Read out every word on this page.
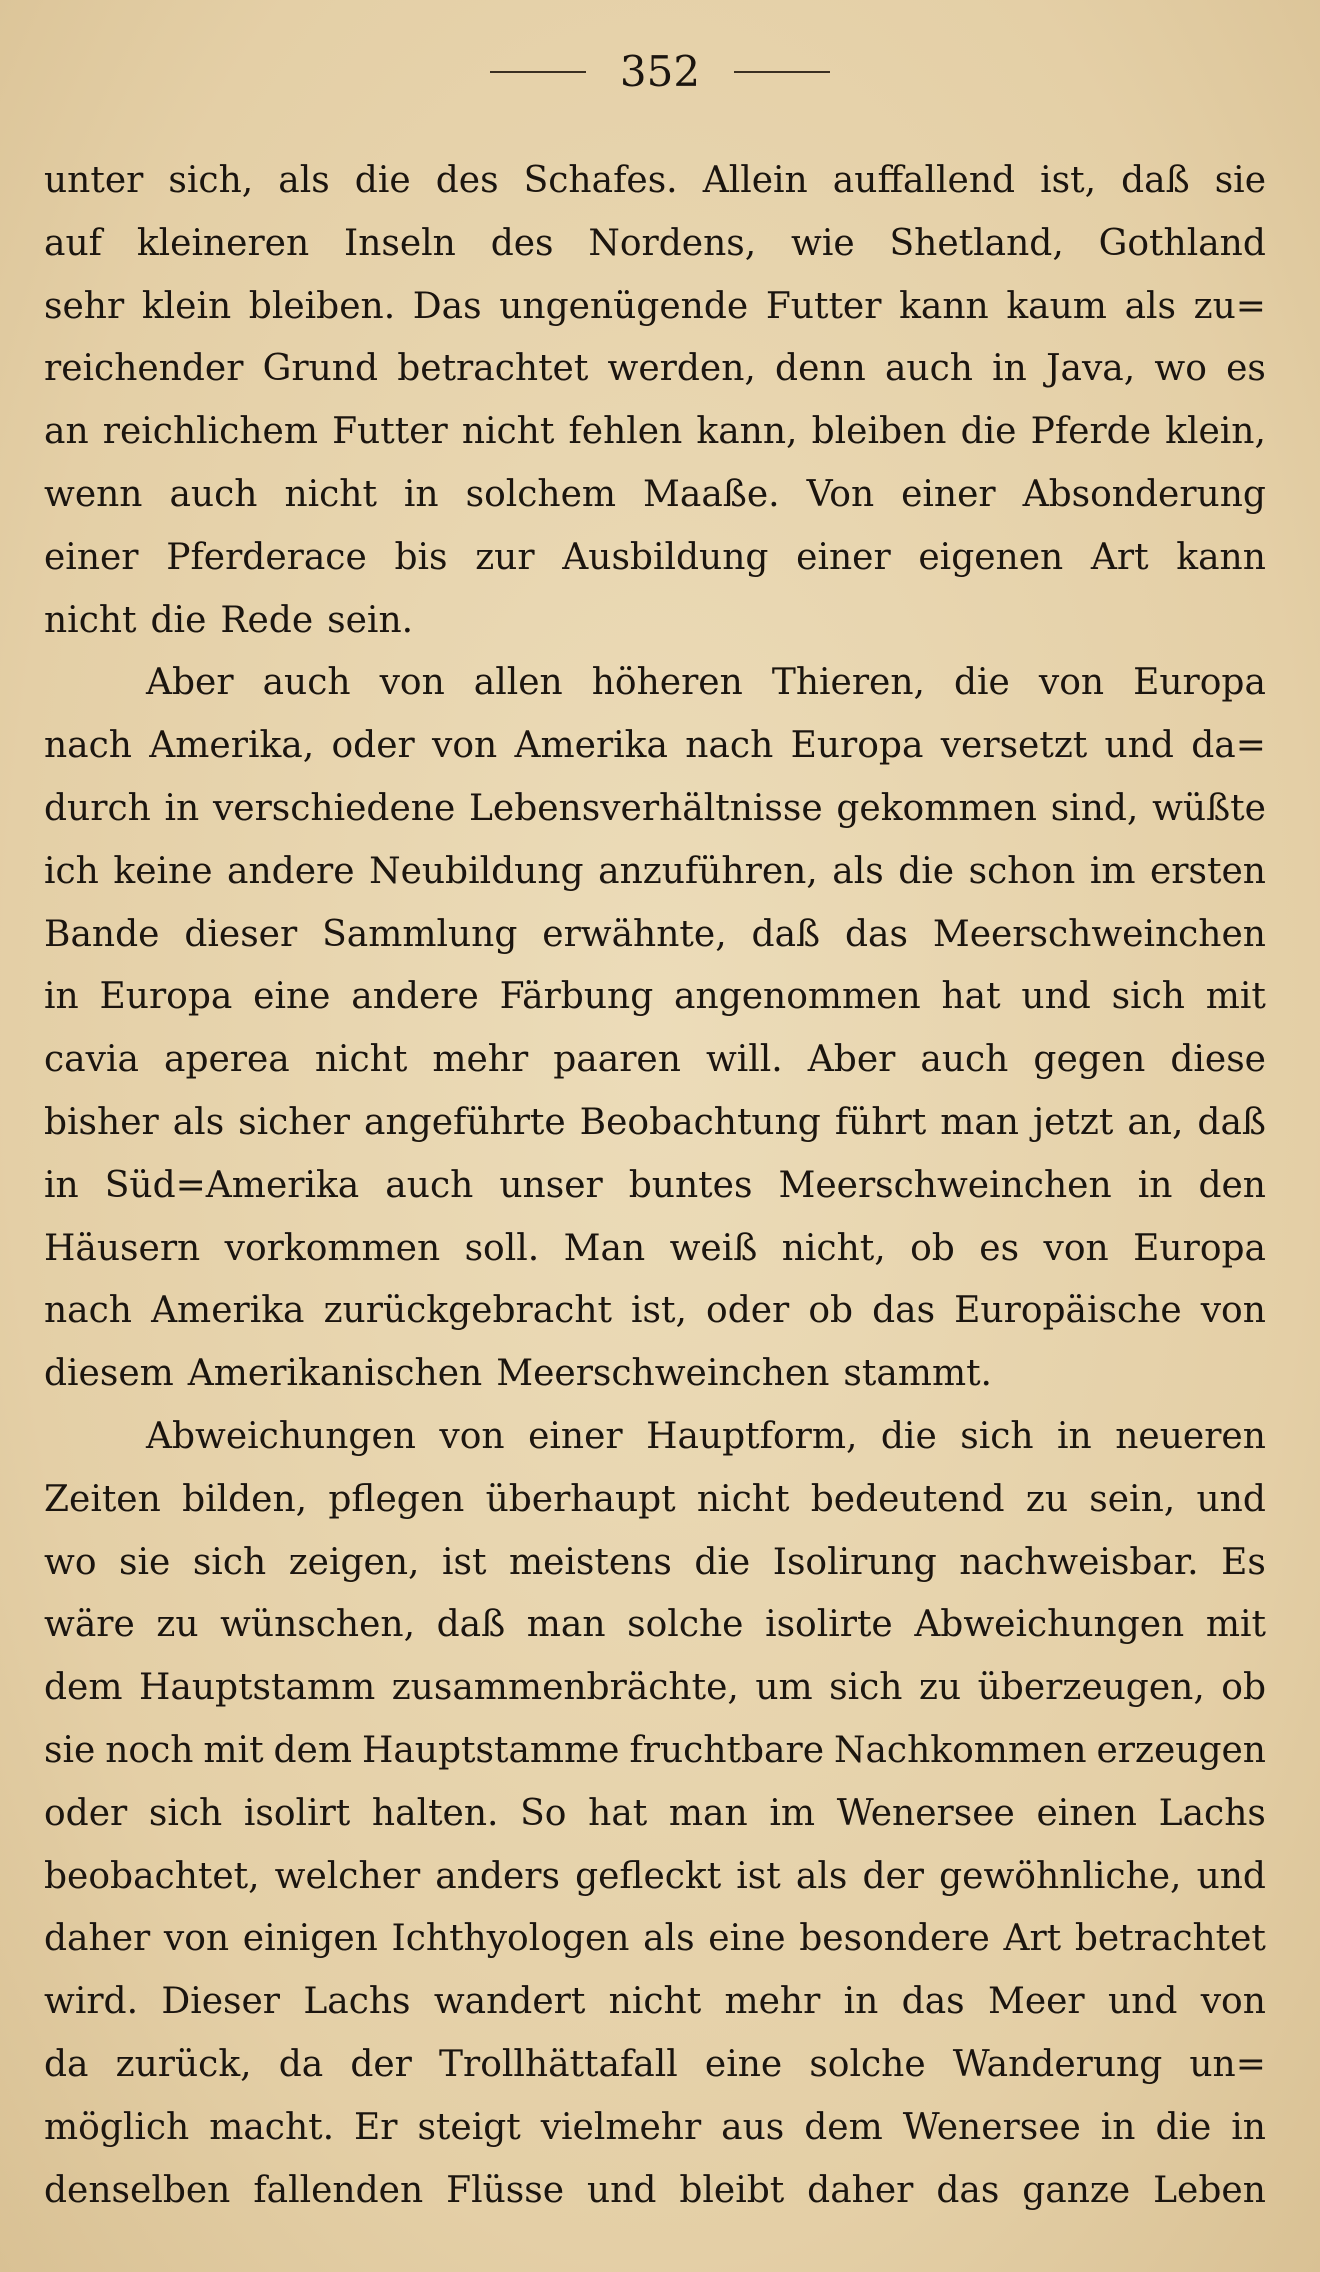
352
unter sich, als die des Schafes. Allein auffallend ist, daß sie
auf kleineren Inseln des Nordens, wie Shetland, Gothland
sehr klein bleiben. Das ungenügende Futter kann kaum als zu=
reichender Grund betrachtet werden, denn auch in Java, wo es
an reichlichem Futter nicht fehlen kann, bleiben die Pferde klein,
wenn auch nicht in solchem Maaße. Von einer Absonderung
einer Pferderace bis zur Ausbildung einer eigenen Art kann
nicht die Rede sein.
Aber auch von allen höheren Thieren, die von Europa
nach Amerika, oder von Amerika nach Europa versetzt und da=
durch in verschiedene Lebensverhältnisse gekommen sind, wüßte
ich keine andere Neubildung anzuführen, als die schon im ersten
Bande dieser Sammlung erwähnte, daß das Meerschweinchen
in Europa eine andere Färbung angenommen hat und sich mit
cavia aperea nicht mehr paaren will. Aber auch gegen diese
bisher als sicher angeführte Beobachtung führt man jetzt an, daß
in Süd=Amerika auch unser buntes Meerschweinchen in den
Häusern vorkommen soll. Man weiß nicht, ob es von Europa
nach Amerika zurückgebracht ist, oder ob das Europäische von
diesem Amerikanischen Meerschweinchen stammt.
Abweichungen von einer Hauptform, die sich in neueren
Zeiten bilden, pflegen überhaupt nicht bedeutend zu sein, und
wo sie sich zeigen, ist meistens die Isolirung nachweisbar. Es
wäre zu wünschen, daß man solche isolirte Abweichungen mit
dem Hauptstamm zusammenbrächte, um sich zu überzeugen, ob
sie noch mit dem Hauptstamme fruchtbare Nachkommen erzeugen
oder sich isolirt halten. So hat man im Wenersee einen Lachs
beobachtet, welcher anders gefleckt ist als der gewöhnliche, und
daher von einigen Ichthyologen als eine besondere Art betrachtet
wird. Dieser Lachs wandert nicht mehr in das Meer und von
da zurück, da der Trollhättafall eine solche Wanderung un=
möglich macht. Er steigt vielmehr aus dem Wenersee in die in
denselben fallenden Flüsse und bleibt daher das ganze Leben
